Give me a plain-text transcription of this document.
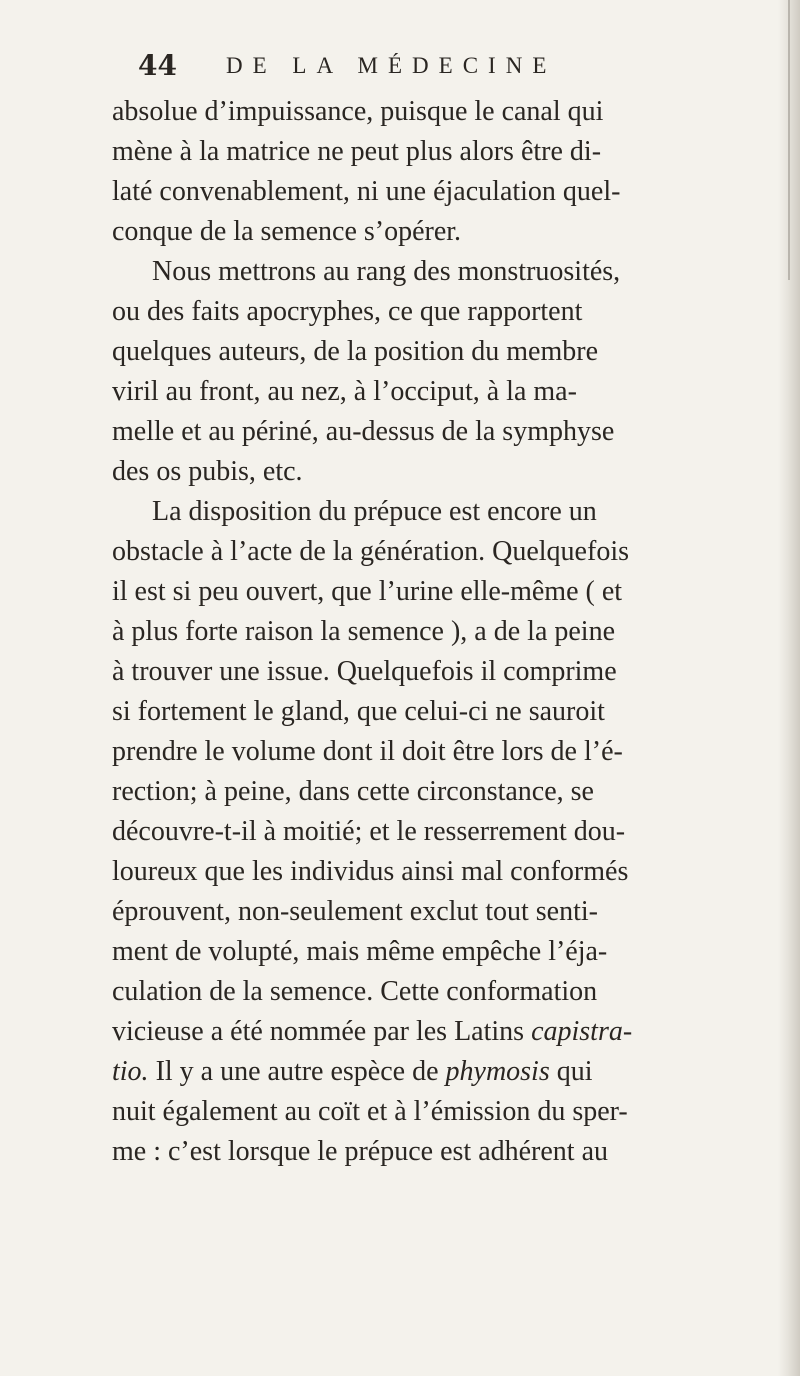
44 DE LA MÉDECINE
absolue d’impuissance, puisque le canal qui
mène à la matrice ne peut plus alors être di-
laté convenablement, ni une éjaculation quel-
conque de la semence s’opérer.
Nous mettrons au rang des monstruosités,
ou des faits apocryphes, ce que rapportent
quelques auteurs, de la position du membre
viril au front, au nez, à l’occiput, à la ma-
melle et au périné, au-dessus de la symphyse
des os pubis, etc.
La disposition du prépuce est encore un
obstacle à l’acte de la génération. Quelquefois
il est si peu ouvert, que l’urine elle-même ( et
à plus forte raison la semence ), a de la peine
à trouver une issue. Quelquefois il comprime
si fortement le gland, que celui-ci ne sauroit
prendre le volume dont il doit être lors de l’é-
rection; à peine, dans cette circonstance, se
découvre-t-il à moitié; et le resserrement dou-
loureux que les individus ainsi mal conformés
éprouvent, non-seulement exclut tout senti-
ment de volupté, mais même empêche l’éja-
culation de la semence. Cette conformation
vicieuse a été nommée par les Latins capistra-
tio. Il y a une autre espèce de phymosis qui
nuit également au coït et à l’émission du sper-
me : c’est lorsque le prépuce est adhérent au
